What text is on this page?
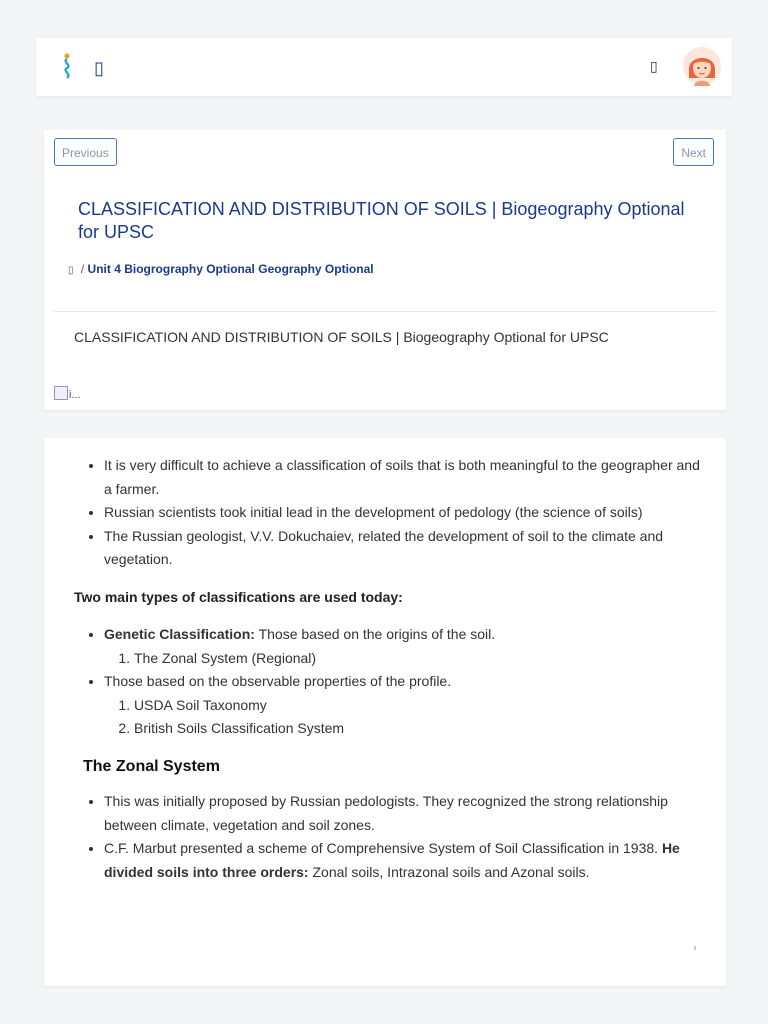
▯	▯
Previous	Next
CLASSIFICATION AND DISTRIBUTION OF SOILS | Biogeography Optional for UPSC
▯ / Unit 4 Biogrography Optional Geography Optional
CLASSIFICATION AND DISTRIBUTION OF SOILS | Biogeography Optional for UPSC
i...
• It is very difficult to achieve a classification of soils that is both meaningful to the geographer and a farmer.
• Russian scientists took initial lead in the development of pedology (the science of soils)
• The Russian geologist, V.V. Dokuchaiev, related the development of soil to the climate and vegetation.

Two main types of classifications are used today:

• Genetic Classification: Those based on the origins of the soil.
1. The Zonal System (Regional)
• Those based on the observable properties of the profile.
1. USDA Soil Taxonomy
2. British Soils Classification System
The Zonal System
• This was initially proposed by Russian pedologists. They recognized the strong relationship between climate, vegetation and soil zones.
• C.F. Marbut presented a scheme of Comprehensive System of Soil Classification in 1938. He divided soils into three orders: Zonal soils, Intrazonal soils and Azonal soils.
